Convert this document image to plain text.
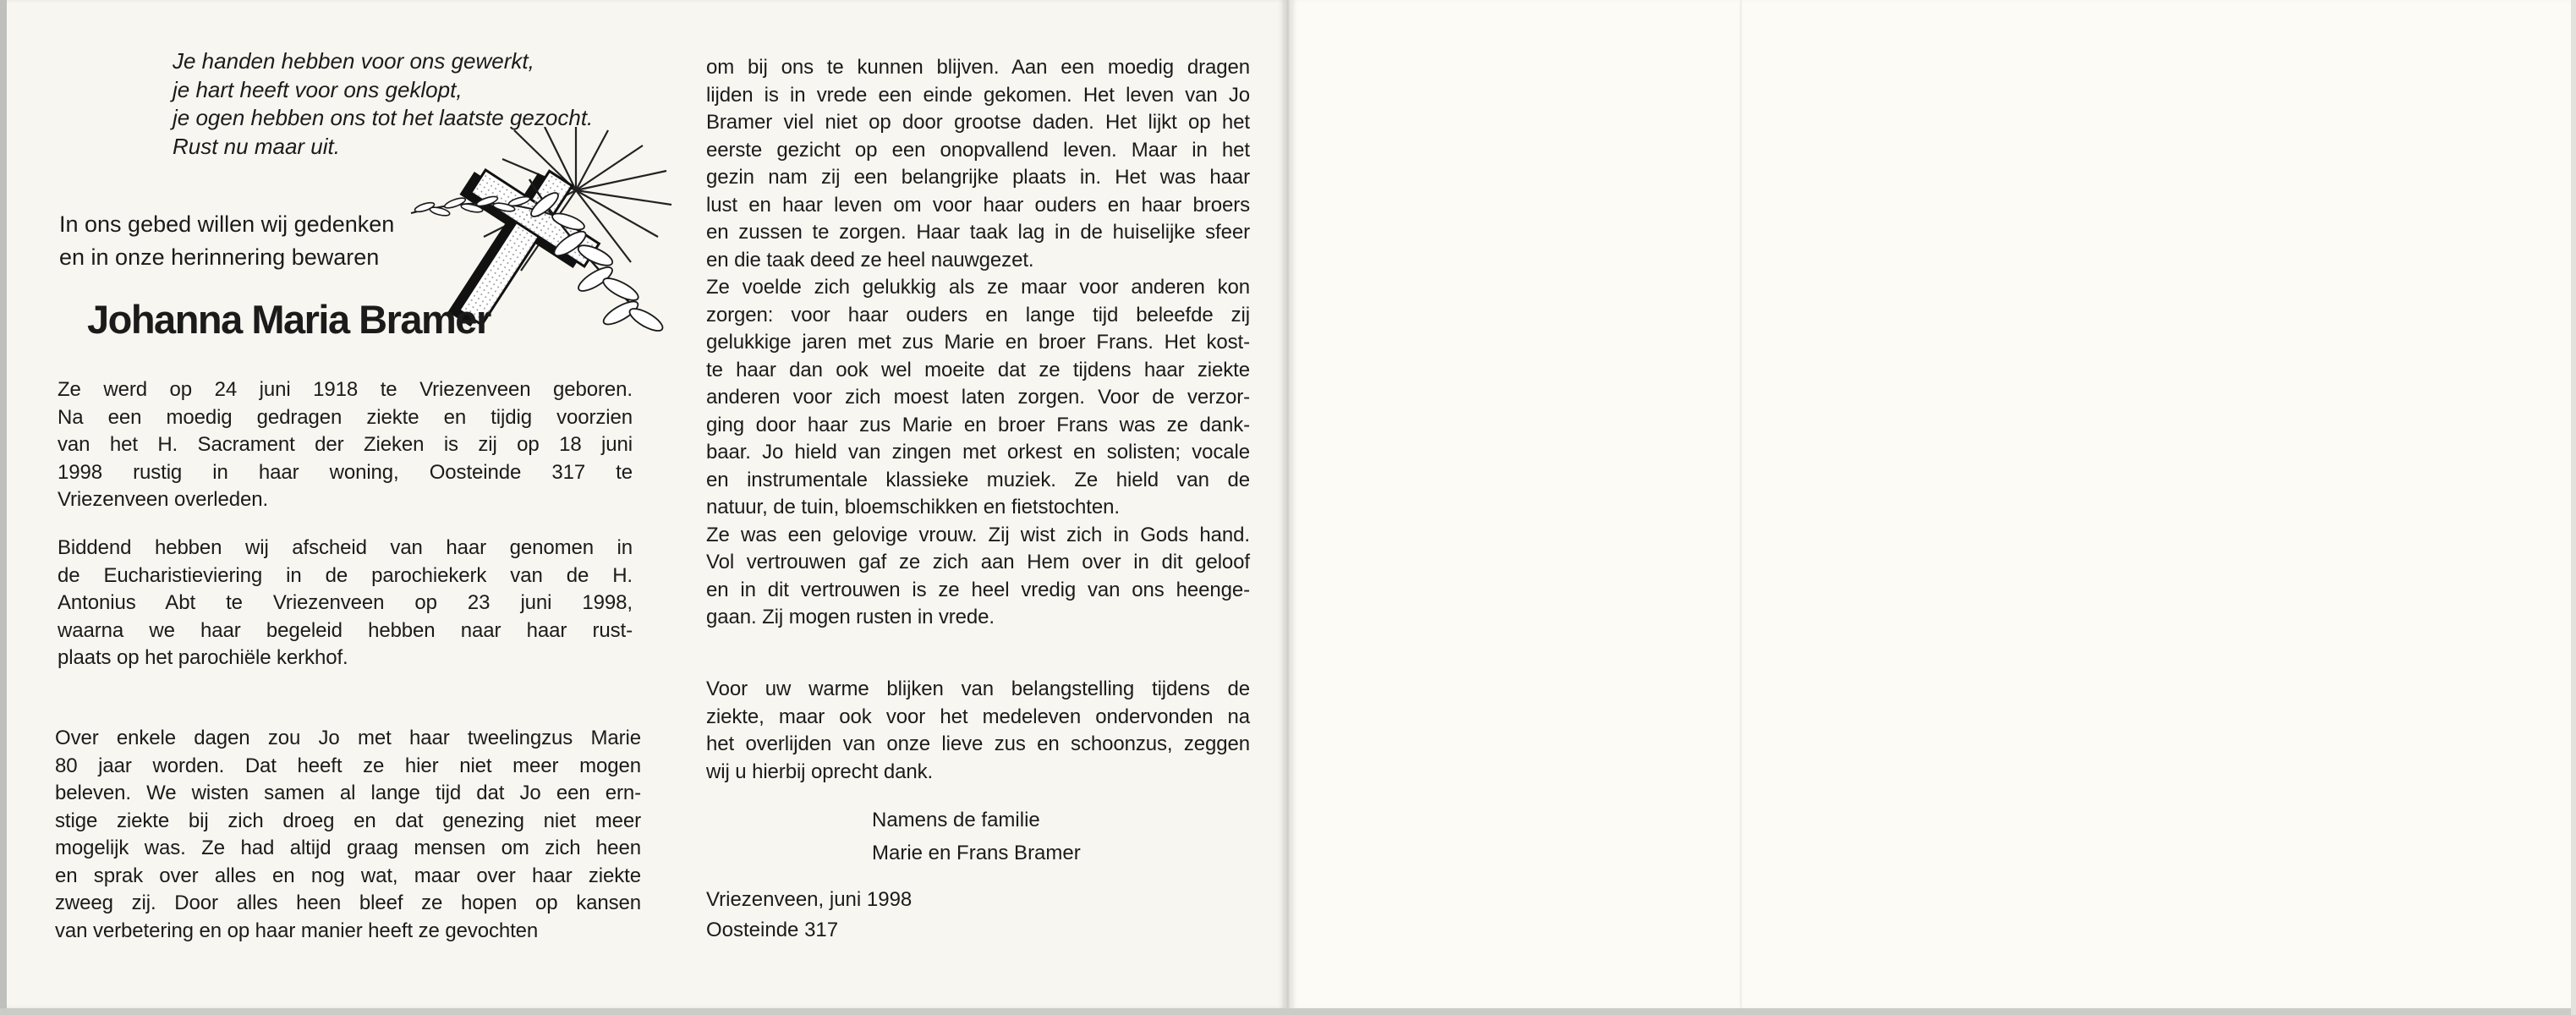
Je handen hebben voor ons gewerkt,
je hart heeft voor ons geklopt,
je ogen hebben ons tot het laatste gezocht.
Rust nu maar uit.
In ons gebed willen wij gedenken
en in onze herinnering bewaren
Johanna Maria Bramer
Ze werd op 24 juni 1918 te Vriezenveen geboren.
Na een moedig gedragen ziekte en tijdig voorzien
van het H. Sacrament der Zieken is zij op 18 juni
1998 rustig in haar woning, Oosteinde 317 te
Vriezenveen overleden.
Biddend hebben wij afscheid van haar genomen in
de Eucharistieviering in de parochiekerk van de H.
Antonius Abt te Vriezenveen op 23 juni 1998,
waarna we haar begeleid hebben naar haar rust-
plaats op het parochiële kerkhof.
Over enkele dagen zou Jo met haar tweelingzus Marie
80 jaar worden. Dat heeft ze hier niet meer mogen
beleven. We wisten samen al lange tijd dat Jo een ern-
stige ziekte bij zich droeg en dat genezing niet meer
mogelijk was. Ze had altijd graag mensen om zich heen
en sprak over alles en nog wat, maar over haar ziekte
zweeg zij. Door alles heen bleef ze hopen op kansen
van verbetering en op haar manier heeft ze gevochten
om bij ons te kunnen blijven. Aan een moedig dragen
lijden is in vrede een einde gekomen. Het leven van Jo
Bramer viel niet op door grootse daden. Het lijkt op het
eerste gezicht op een onopvallend leven. Maar in het
gezin nam zij een belangrijke plaats in. Het was haar
lust en haar leven om voor haar ouders en haar broers
en zussen te zorgen. Haar taak lag in de huiselijke sfeer
en die taak deed ze heel nauwgezet.
Ze voelde zich gelukkig als ze maar voor anderen kon
zorgen: voor haar ouders en lange tijd beleefde zij
gelukkige jaren met zus Marie en broer Frans. Het kost-
te haar dan ook wel moeite dat ze tijdens haar ziekte
anderen voor zich moest laten zorgen. Voor de verzor-
ging door haar zus Marie en broer Frans was ze dank-
baar. Jo hield van zingen met orkest en solisten; vocale
en instrumentale klassieke muziek. Ze hield van de
natuur, de tuin, bloemschikken en fietstochten.
Ze was een gelovige vrouw. Zij wist zich in Gods hand.
Vol vertrouwen gaf ze zich aan Hem over in dit geloof
en in dit vertrouwen is ze heel vredig van ons heenge-
gaan. Zij mogen rusten in vrede.
Voor uw warme blijken van belangstelling tijdens de
ziekte, maar ook voor het medeleven ondervonden na
het overlijden van onze lieve zus en schoonzus, zeggen
wij u hierbij oprecht dank.
Namens de familie
Marie en Frans Bramer
Vriezenveen, juni 1998
Oosteinde 317
